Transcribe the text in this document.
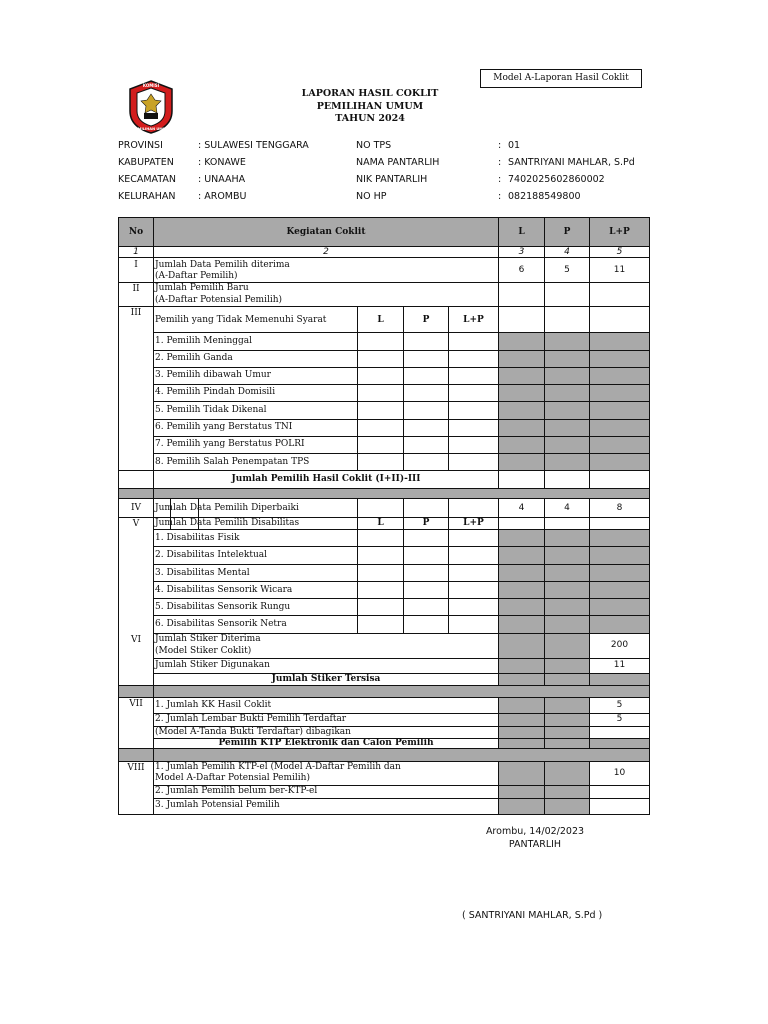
Model A-Laporan Hasil Coklit
KOMISI
PEMILIHAN UMUM
LAPORAN HASIL COKLIT
PEMILIHAN UMUM
TAHUN 2024
PROVINSI	: SULAWESI TENGGARA
KABUPATEN	: KONAWE
KECAMATAN : UNAAHA
KELURAHAN : AROMBU
NO TPS	: 01
NAMA PANTARLIH	: SANTRIYANI MAHLAR, S.Pd
NIK PANTARLIH	: 7402025602860002
NO HP	: 082188549800
No	Kegiatan Coklit	L	P	L+P
1	2	3	4	5
I	Jumlah Data Pemilih diterima
(A-Daftar Pemilih)
6	5	11
II	Jumlah Pemilih Baru
(A-Daftar Potensial Pemilih)
III
Pemilih yang Tidak Memenuhi Syarat	L	P	L+P
1. Pemilih Meninggal
2. Pemilih Ganda
3. Pemilih dibawah Umur
4. Pemilih Pindah Domisili
5. Pemilih Tidak Dikenal
6. Pemilih yang Berstatus TNI
7. Pemilih yang Berstatus POLRI
8. Pemilih Salah Penempatan TPS
Jumlah Pemilih Hasil Coklit (I+II)-III
IV	Jumlah Data Pemilih Diperbaiki	4	4	8
V	Jumlah Data Pemilih Disabilitas	L	P	L+P
1. Disabilitas Fisik
2. Disabilitas Intelektual
3. Disabilitas Mental
4. Disabilitas Sensorik Wicara
5. Disabilitas Sensorik Rungu
6. Disabilitas Sensorik Netra
VI	Jumlah Stiker Diterima
(Model Stiker Coklit)
200
Jumlah Stiker Digunakan	11
Jumlah Stiker Tersisa
VII	1. Jumlah KK Hasil Coklit	5
2. Jumlah Lembar Bukti Pemilih Terdaftar	5
(Model A-Tanda Bukti Terdaftar) dibagikan
Pemilih KTP Elektronik dan Calon Pemilih
VIII	1. Jumlah Pemilih KTP-el (Model A-Daftar Pemilih dan
Model A-Daftar Potensial Pemilih)	10
2. Jumlah Pemilih belum ber-KTP-el
3. Jumlah Potensial Pemilih
Arombu, 14/02/2023
PANTARLIH
( SANTRIYANI MAHLAR, S.Pd )
